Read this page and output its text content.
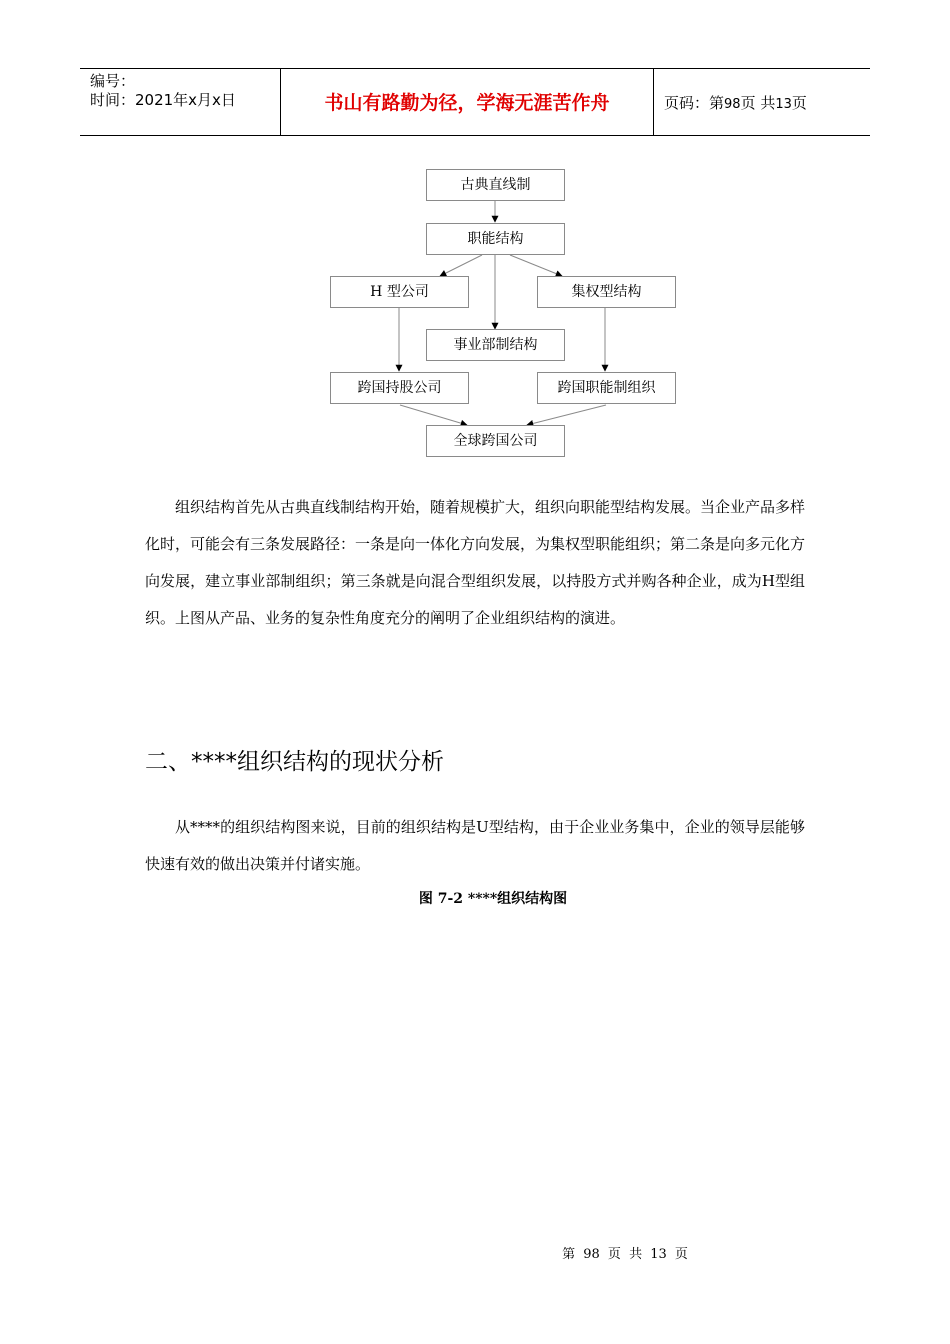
编号：
时间：2021年x月x日	书山有路勤为径，学海无涯苦作舟	页码：第98页 共13页
古典直线制
职能结构
H 型公司	集权型结构
事业部制结构
跨国持股公司	跨国职能制组织
全球跨国公司

组织结构首先从古典直线制结构开始，随着规模扩大，组织向职能型结构发展。当企业产品多样化时，可能会有三条发展路径：一条是向一体化方向发展，为集权型职能组织；第二条是向多元化方向发展，建立事业部制组织；第三条就是向混合型组织发展，以持股方式并购各种企业，成为H型组织。上图从产品、业务的复杂性角度充分的阐明了企业组织结构的演进。

二、****组织结构的现状分析

从****的组织结构图来说，目前的组织结构是U型结构，由于企业业务集中，企业的领导层能够快速有效的做出决策并付诸实施。

图 7-2 ****组织结构图
第 98 页 共 13 页
